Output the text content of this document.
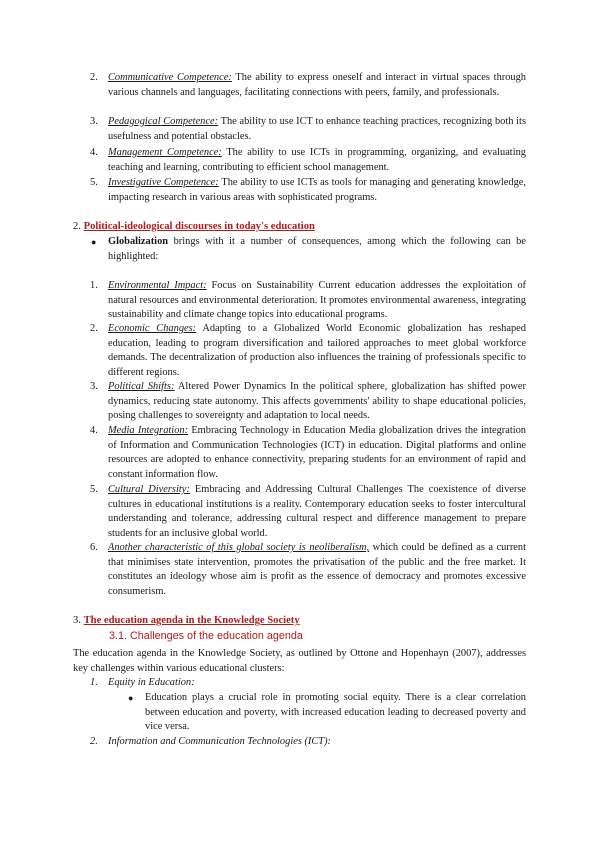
2. Communicative Competence: The ability to express oneself and interact in virtual spaces through various channels and languages, facilitating connections with peers, family, and professionals.

3. Pedagogical Competence: The ability to use ICT to enhance teaching practices, recognizing both its usefulness and potential obstacles.

4. Management Competence: The ability to use ICTs in programming, organizing, and evaluating teaching and learning, contributing to efficient school management.

5. Investigative Competence: The ability to use ICTs as tools for managing and generating knowledge, impacting research in various areas with sophisticated programs.

2. Political-ideological discourses in today's education

● Globalization brings with it a number of consequences, among which the following can be highlighted:

1. Environmental Impact: Focus on Sustainability Current education addresses the exploitation of natural resources and environmental deterioration. It promotes environmental awareness, integrating sustainability and climate change topics into educational programs.

2. Economic Changes: Adapting to a Globalized World Economic globalization has reshaped education, leading to program diversification and tailored approaches to meet global workforce demands. The decentralization of production also influences the training of professionals specific to different regions.

3. Political Shifts: Altered Power Dynamics In the political sphere, globalization has shifted power dynamics, reducing state autonomy. This affects governments' ability to shape educational policies, posing challenges to sovereignty and adaptation to local needs.

4. Media Integration: Embracing Technology in Education Media globalization drives the integration of Information and Communication Technologies (ICT) in education. Digital platforms and online resources are adopted to enhance connectivity, preparing students for an environment of rapid and constant information flow.

5. Cultural Diversity: Embracing and Addressing Cultural Challenges The coexistence of diverse cultures in educational institutions is a reality. Contemporary education seeks to foster intercultural understanding and tolerance, addressing cultural respect and difference management to prepare students for an inclusive global world.

6. Another characteristic of this global society is neoliberalism, which could be defined as a current that minimises state intervention, promotes the privatisation of the public and the free market. It constitutes an ideology whose aim is profit as the essence of democracy and promotes excessive consumerism.

3. The education agenda in the Knowledge Society

3.1. Challenges of the education agenda

The education agenda in the Knowledge Society, as outlined by Ottone and Hopenhayn (2007), addresses key challenges within various educational clusters:

1. Equity in Education:

● Education plays a crucial role in promoting social equity. There is a clear correlation between education and poverty, with increased education leading to decreased poverty and vice versa.

2. Information and Communication Technologies (ICT):
